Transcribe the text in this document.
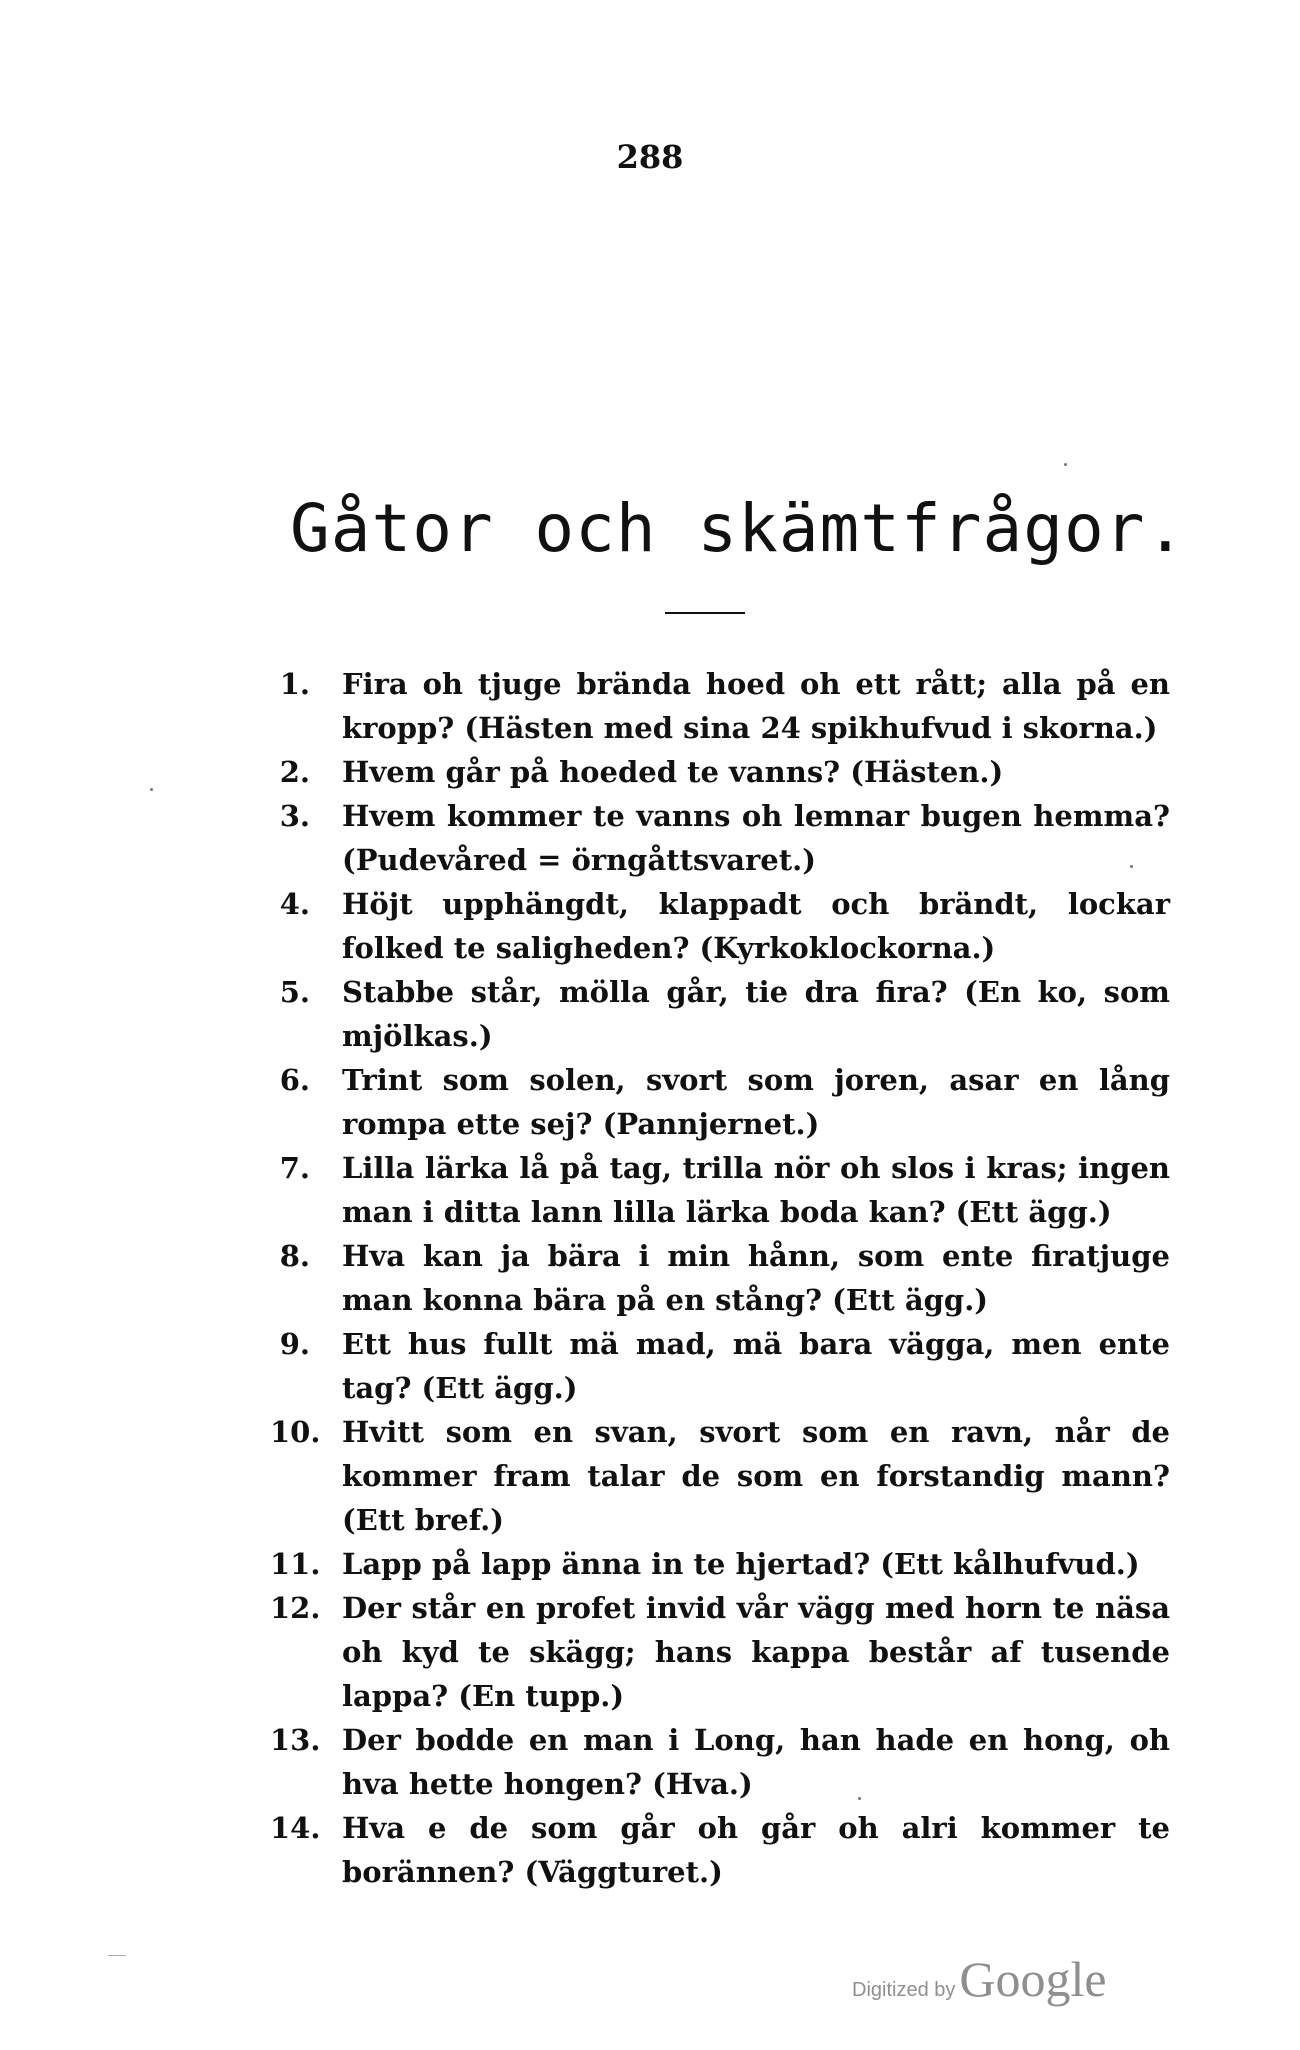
288
Gåtor och skämtfrågor.
1. Fira oh tjuge brända hoed oh ett rått; alla på en kropp? (Hästen med sina 24 spikhufvud i skorna.)
2. Hvem går på hoeded te vanns? (Hästen.)
3. Hvem kommer te vanns oh lemnar bugen hemma? (Pudevåred = örngåttsvaret.)
4. Höjt upphängdt, klappadt och brändt, lockar folked te saligheden? (Kyrkoklockorna.)
5. Stabbe står, mölla går, tie dra fira? (En ko, som mjölkas.)
6. Trint som solen, svort som joren, asar en lång rompa ette sej? (Pannjernet.)
7. Lilla lärka lå på tag, trilla nör oh slos i kras; ingen man i ditta lann lilla lärka boda kan? (Ett ägg.)
8. Hva kan ja bära i min hånn, som ente firatjuge man konna bära på en stång? (Ett ägg.)
9. Ett hus fullt mä mad, mä bara vägga, men ente tag? (Ett ägg.)
10. Hvitt som en svan, svort som en ravn, når de kommer fram talar de som en forstandig mann? (Ett bref.)
11. Lapp på lapp änna in te hjertad? (Ett kålhufvud.)
12. Der står en profet invid vår vägg med horn te näsa oh kyd te skägg; hans kappa består af tusende lappa? (En tupp.)
13. Der bodde en man i Long, han hade en hong, oh hva hette hongen? (Hva.)
14. Hva e de som går oh går oh alri kommer te borännen? (Väggturet.)
Digitized byGoogle
